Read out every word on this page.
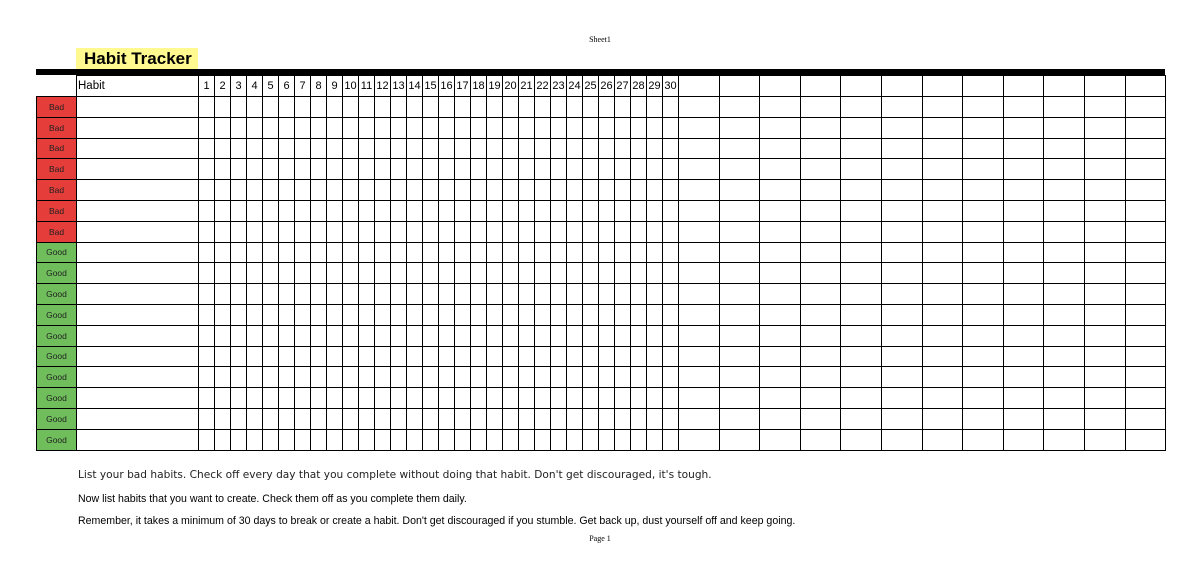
Sheet1
Habit Tracker
	Habit	1	2	3	4	5	6	7	8	9	10	11	12	13	14	15	16	17	18	19	20	21	22	23	24	25	26	27	28	29	30												
Bad																																											
Bad																																											
Bad																																											
Bad																																											
Bad																																											
Bad																																											
Bad																																											
Good																																											
Good																																											
Good																																											
Good																																											
Good																																											
Good																																											
Good																																											
Good																																											
Good																																											
Good																																											
List your bad habits. Check off every day that you complete without doing that habit. Don't get discouraged, it's tough.
Now list habits that you want to create. Check them off as you complete them daily.
Remember, it takes a minimum of 30 days to break or create a habit. Don't get discouraged if you stumble. Get back up, dust yourself off and keep going.
Page 1
